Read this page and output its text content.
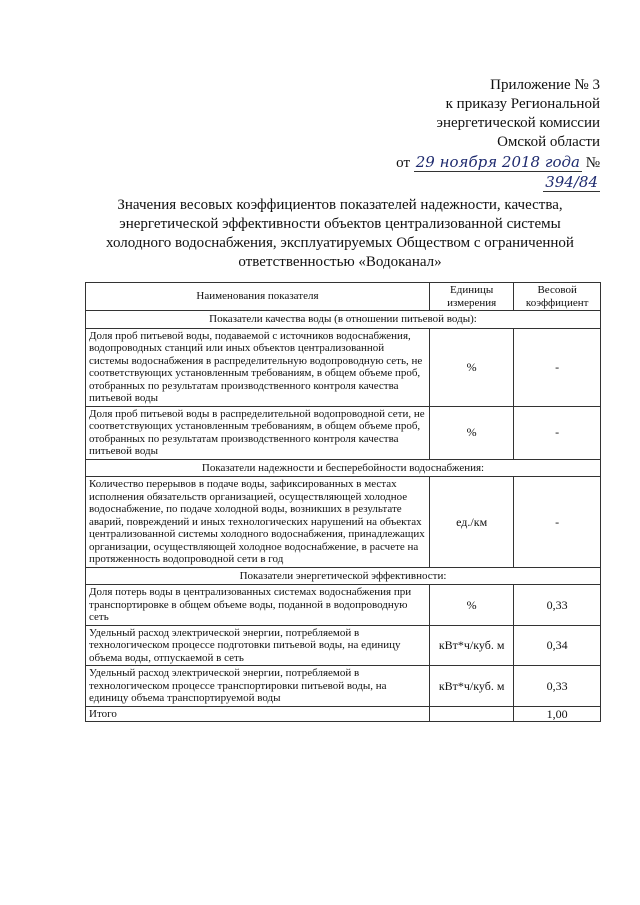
Приложение № 3
к приказу Региональной
энергетической комиссии
Омской области
от 29 ноября 2018 года № 394/84
Значения весовых коэффициентов показателей надежности, качества, энергетической эффективности объектов централизованной системы холодного водоснабжения, эксплуатируемых Обществом с ограниченной ответственностью «Водоканал»
Наименования показателя	Единицы измерения	Весовой коэффициент
Показатели качества воды (в отношении питьевой воды):		
Доля проб питьевой воды, подаваемой с источников водоснабжения, водопроводных станций или иных объектов централизованной системы водоснабжения в распределительную водопроводную сеть, не соответствующих установленным требованиям, в общем объеме проб, отобранных по результатам производственного контроля качества питьевой воды	%	-
Доля проб питьевой воды в распределительной водопроводной сети, не соответствующих установленным требованиям, в общем объеме проб, отобранных по результатам производственного контроля качества питьевой воды	%	-
Показатели надежности и бесперебойности водоснабжения:		
Количество перерывов в подаче воды, зафиксированных в местах исполнения обязательств организацией, осуществляющей холодное водоснабжение, по подаче холодной воды, возникших в результате аварий, повреждений и иных технологических нарушений на объектах централизованной системы холодного водоснабжения, принадлежащих организации, осуществляющей холодное водоснабжение, в расчете на протяженность водопроводной сети в год	ед./км	-
Показатели энергетической эффективности:		
Доля потерь воды в централизованных системах водоснабжения при транспортировке в общем объеме воды, поданной в водопроводную сеть	%	0,33
Удельный расход электрической энергии, потребляемой в технологическом процессе подготовки питьевой воды, на единицу объема воды, отпускаемой в сеть	кВт*ч/куб. м	0,34
Удельный расход электрической энергии, потребляемой в технологическом процессе транспортировки питьевой воды, на единицу объема транспортируемой воды	кВт*ч/куб. м	0,33
Итого		1,00
